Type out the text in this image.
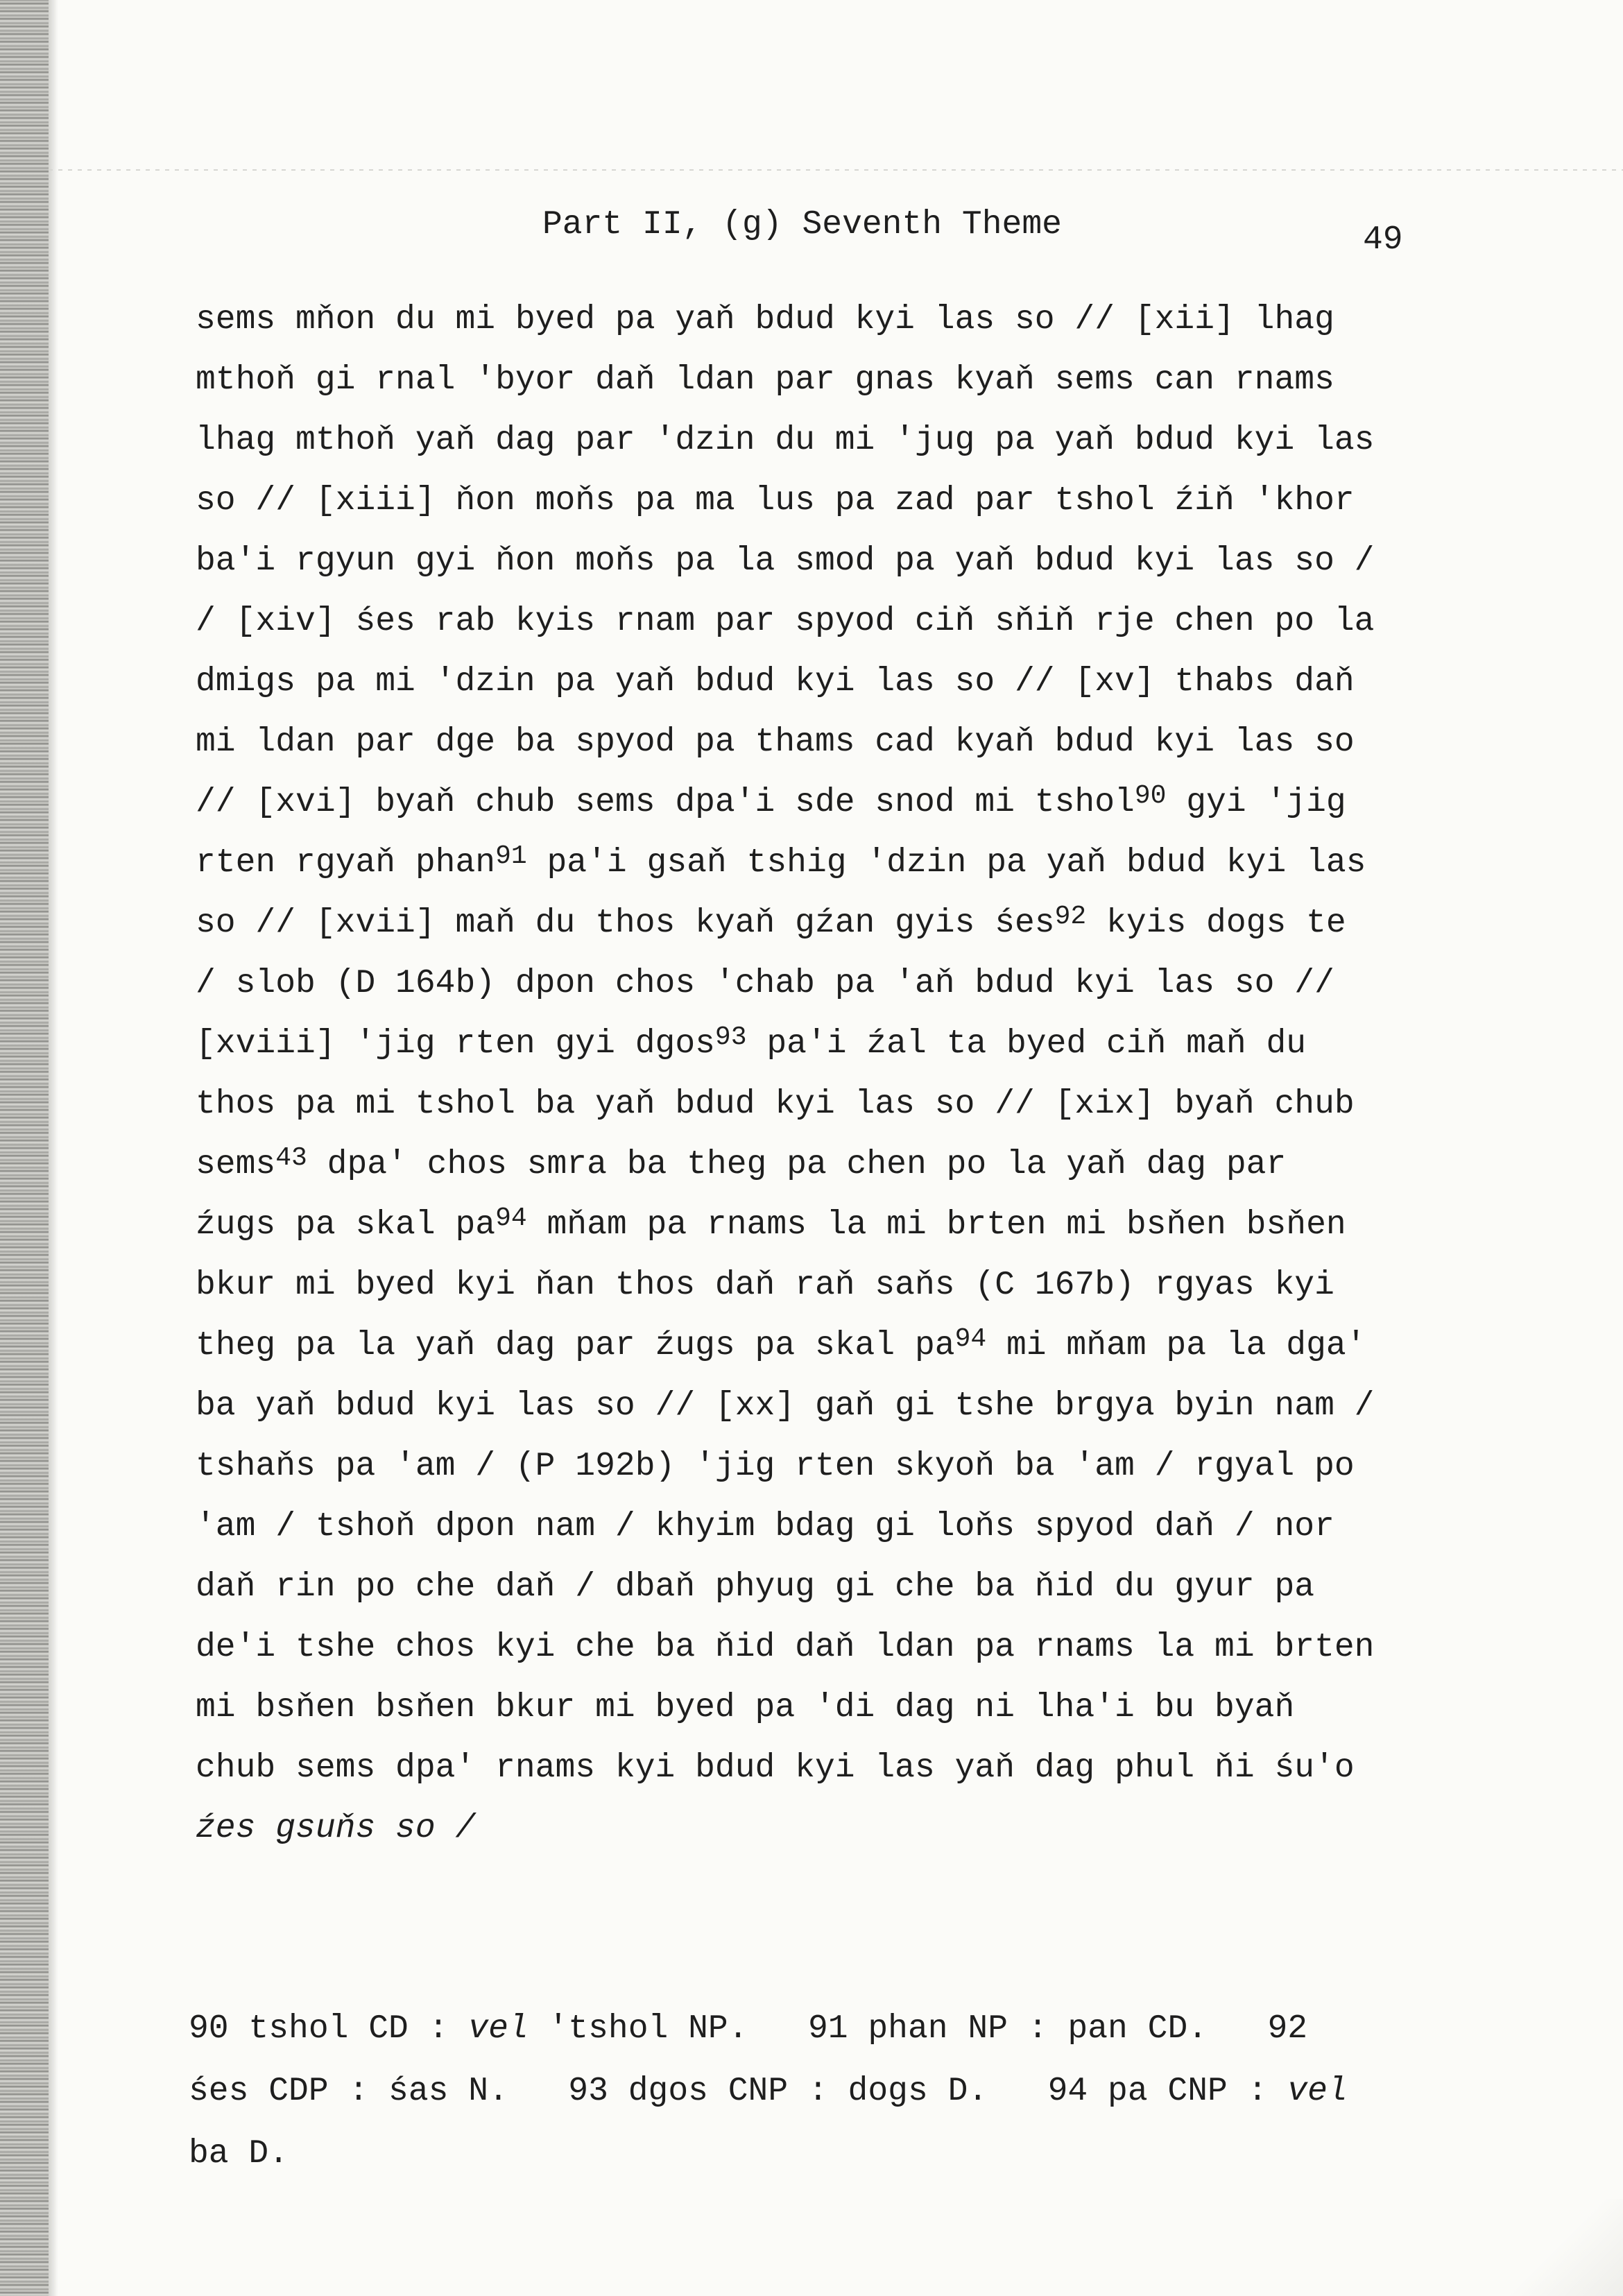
Part II, (g) Seventh Theme	49
sems mňon du mi byed pa yaň bdud kyi las so // [xii] lhag
mthoň gi rnal 'byor daň ldan par gnas kyaň sems can rnams
lhag mthoň yaň dag par 'dzin du mi 'jug pa yaň bdud kyi las
so // [xiii] ňon moňs pa ma lus pa zad par tshol źiň 'khor
ba'i rgyun gyi ňon moňs pa la smod pa yaň bdud kyi las so /
/ [xiv] śes rab kyis rnam par spyod ciň sňiň rje chen po la
dmigs pa mi 'dzin pa yaň bdud kyi las so // [xv] thabs daň
mi ldan par dge ba spyod pa thams cad kyaň bdud kyi las so
// [xvi] byaň chub sems dpa'i sde snod mi tshol$^{90}$ gyi 'jig
rten rgyaň phan$^{91}$ pa'i gsaň tshig 'dzin pa yaň bdud kyi las
so // [xvii] maň du thos kyaň gźan gyis śes$^{92}$ kyis dogs te
/ slob (D 164b) dpon chos 'chab pa 'aň bdud kyi las so //
[xviii] 'jig rten gyi dgos$^{93}$ pa'i źal ta byed ciň maň du
thos pa mi tshol ba yaň bdud kyi las so // [xix] byaň chub
sems$^{43}$ dpa' chos smra ba theg pa chen po la yaň dag par
źugs pa skal $pa^{94}$ mňam pa rnams la mi brten mi bsňen bsňen
bkur mi byed kyi ňan thos daň raň saňs (C 167b) rgyas kyi
theg pa la yaň dag par źugs pa skal $pa^{94}$ mi mňam pa la dga'
ba yaň bdud kyi las so // [xx] gaň gi tshe brgya byin nam /
tshaňs pa 'am / (P 192b) 'jig rten skyoň ba 'am / rgyal po
'am / tshoň dpon nam / khyim bdag gi loňs spyod daň / nor
daň rin po che daň / dbaň phyug gi che ba ňid du gyur pa
de'i tshe chos kyi che ba ňid daň ldan pa rnams la mi brten
mi bsňen bsňen bkur mi byed pa 'di dag ni lha'i bu byaň
chub sems dpa' rnams kyi bdud kyi las yaň dag phul ňi śu'o
źes gsuňs so /
90 tshol CD : vel 'tshol NP.   91 phan NP : pan CD.   92
śes CDP : śas N.   93 dgos CNP : dogs D.   94 pa CNP : vel
ba D.
